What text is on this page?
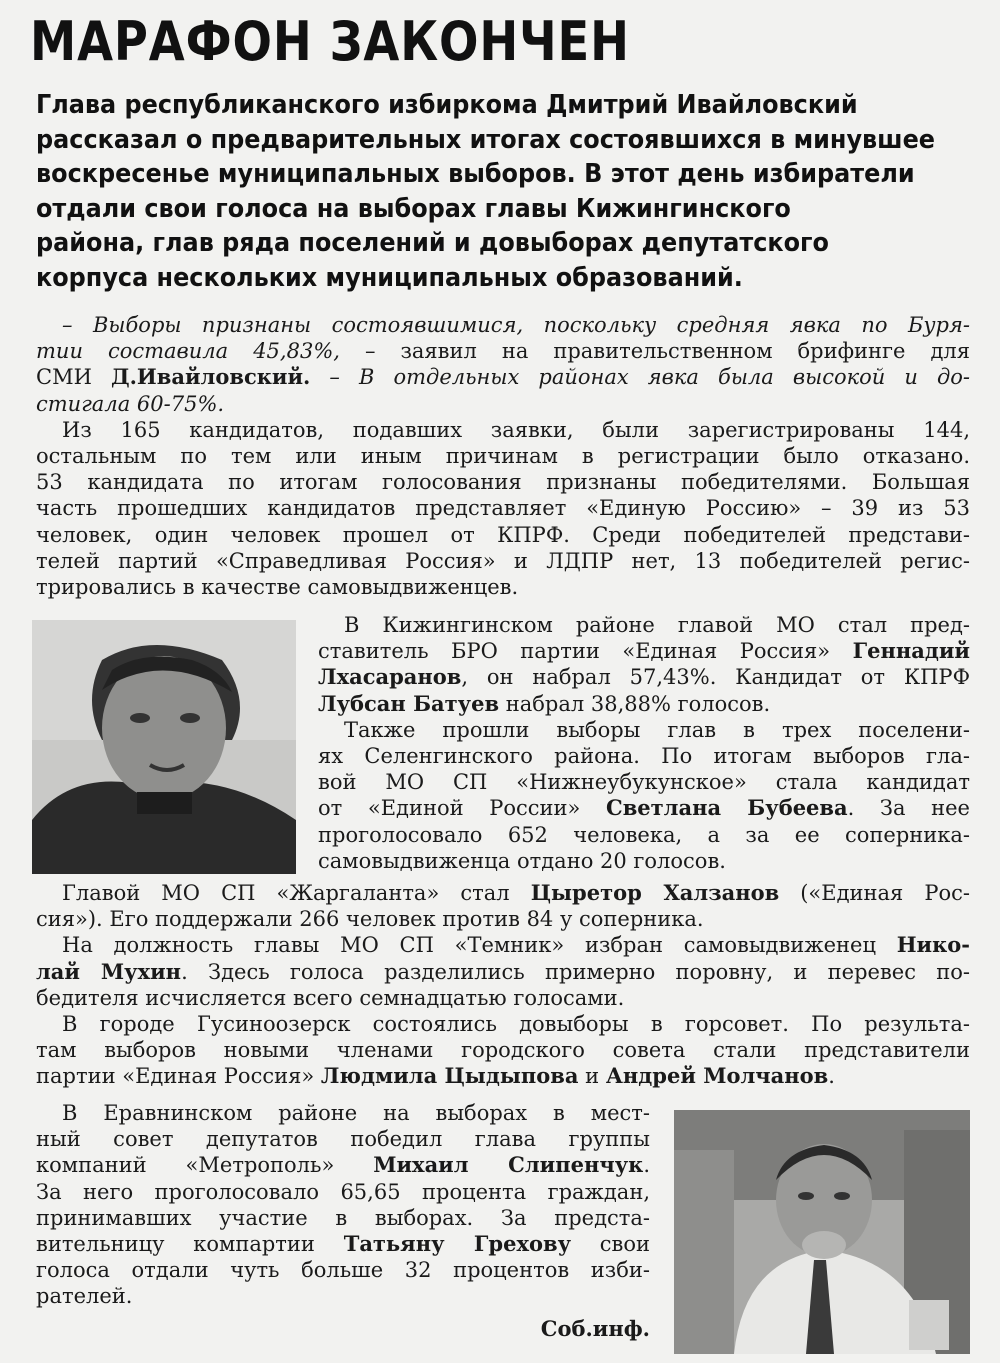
МАРАФОН ЗАКОНЧЕН
Глава республиканского избиркома Дмитрий Ивайловский
рассказал о предварительных итогах состоявшихся в минувшее
воскресенье муниципальных выборов. В этот день избиратели
отдали свои голоса на выборах главы Кижингинского
района, глав ряда поселений и довыборах депутатского
корпуса нескольких муниципальных образований.
– Выборы признаны состоявшимися, поскольку средняя явка по Буря-
тии составила 45,83%, – заявил на правительственном брифинге для
СМИ Д.Ивайловский. – В отдельных районах явка была высокой и до-
стигала 60-75%.
Из 165 кандидатов, подавших заявки, были зарегистрированы 144,
остальным по тем или иным причинам в регистрации было отказано.
53 кандидата по итогам голосования признаны победителями. Большая
часть прошедших кандидатов представляет «Единую Россию» – 39 из 53
человек, один человек прошел от КПРФ. Среди победителей представи-
телей партий «Справедливая Россия» и ЛДПР нет, 13 победителей регис-
трировались в качестве самовыдвиженцев.
В Кижингинском районе главой МО стал пред-
ставитель БРО партии «Единая Россия» Геннадий
Лхасаранов, он набрал 57,43%. Кандидат от КПРФ
Лубсан Батуев набрал 38,88% голосов.
Также прошли выборы глав в трех поселени-
ях Селенгинского района. По итогам выборов гла-
вой МО СП «Нижнеубукунское» стала кандидат
от «Единой России» Светлана Бубеева. За нее
проголосовало 652 человека, а за ее соперника-
самовыдвиженца отдано 20 голосов.
Главой МО СП «Жаргаланта» стал Цыретор Халзанов («Единая Рос-
сия»). Его поддержали 266 человек против 84 у соперника.
На должность главы МО СП «Темник» избран самовыдвиженец Нико-
лай Мухин. Здесь голоса разделились примерно поровну, и перевес по-
бедителя исчисляется всего семнадцатью голосами.
В городе Гусиноозерск состоялись довыборы в горсовет. По результа-
там выборов новыми членами городского совета стали представители
партии «Единая Россия» Людмила Цыдыпова и Андрей Молчанов.
В Еравнинском районе на выборах в мест-
ный совет депутатов победил глава группы
компаний «Метрополь» Михаил Слипенчук.
За него проголосовало 65,65 процента граждан,
принимавших участие в выборах. За предста-
вительницу компартии Татьяну Грехову свои
голоса отдали чуть больше 32 процентов изби-
рателей.
Соб.инф.
